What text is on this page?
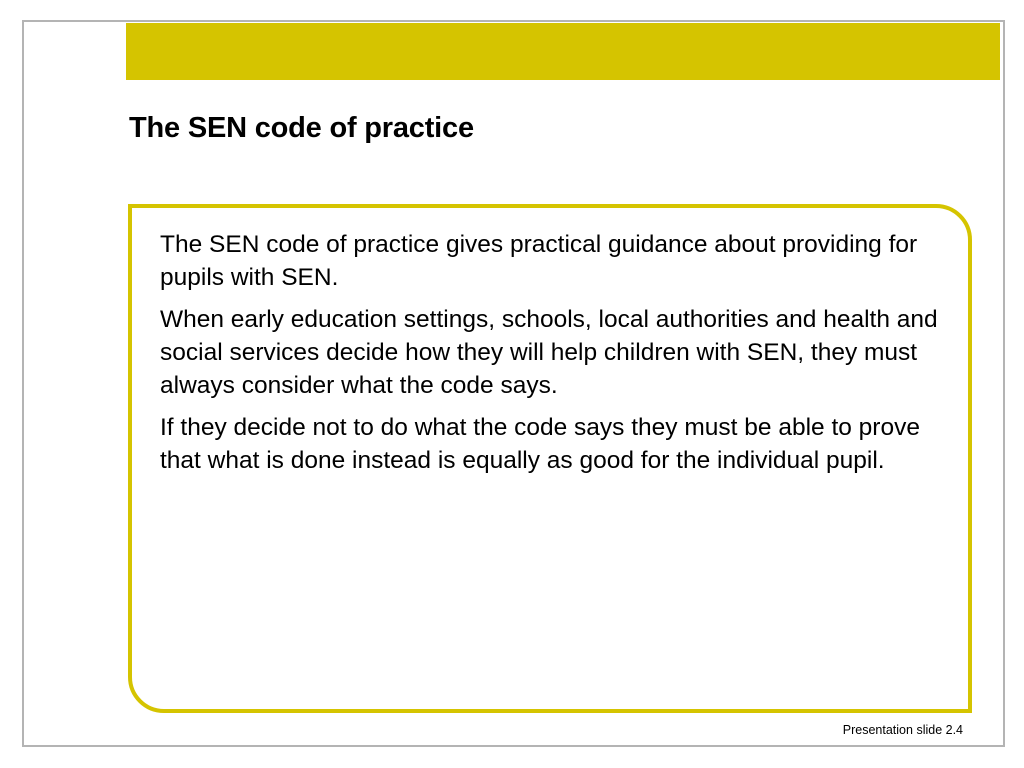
The SEN code of practice

The SEN code of practice gives practical guidance about providing for pupils with SEN.

When early education settings, schools, local authorities and health and social services decide how they will help children with SEN, they must always consider what the code says.

If they decide not to do what the code says they must be able to prove that what is done instead is equally as good for the individual pupil.

Presentation slide 2.4
